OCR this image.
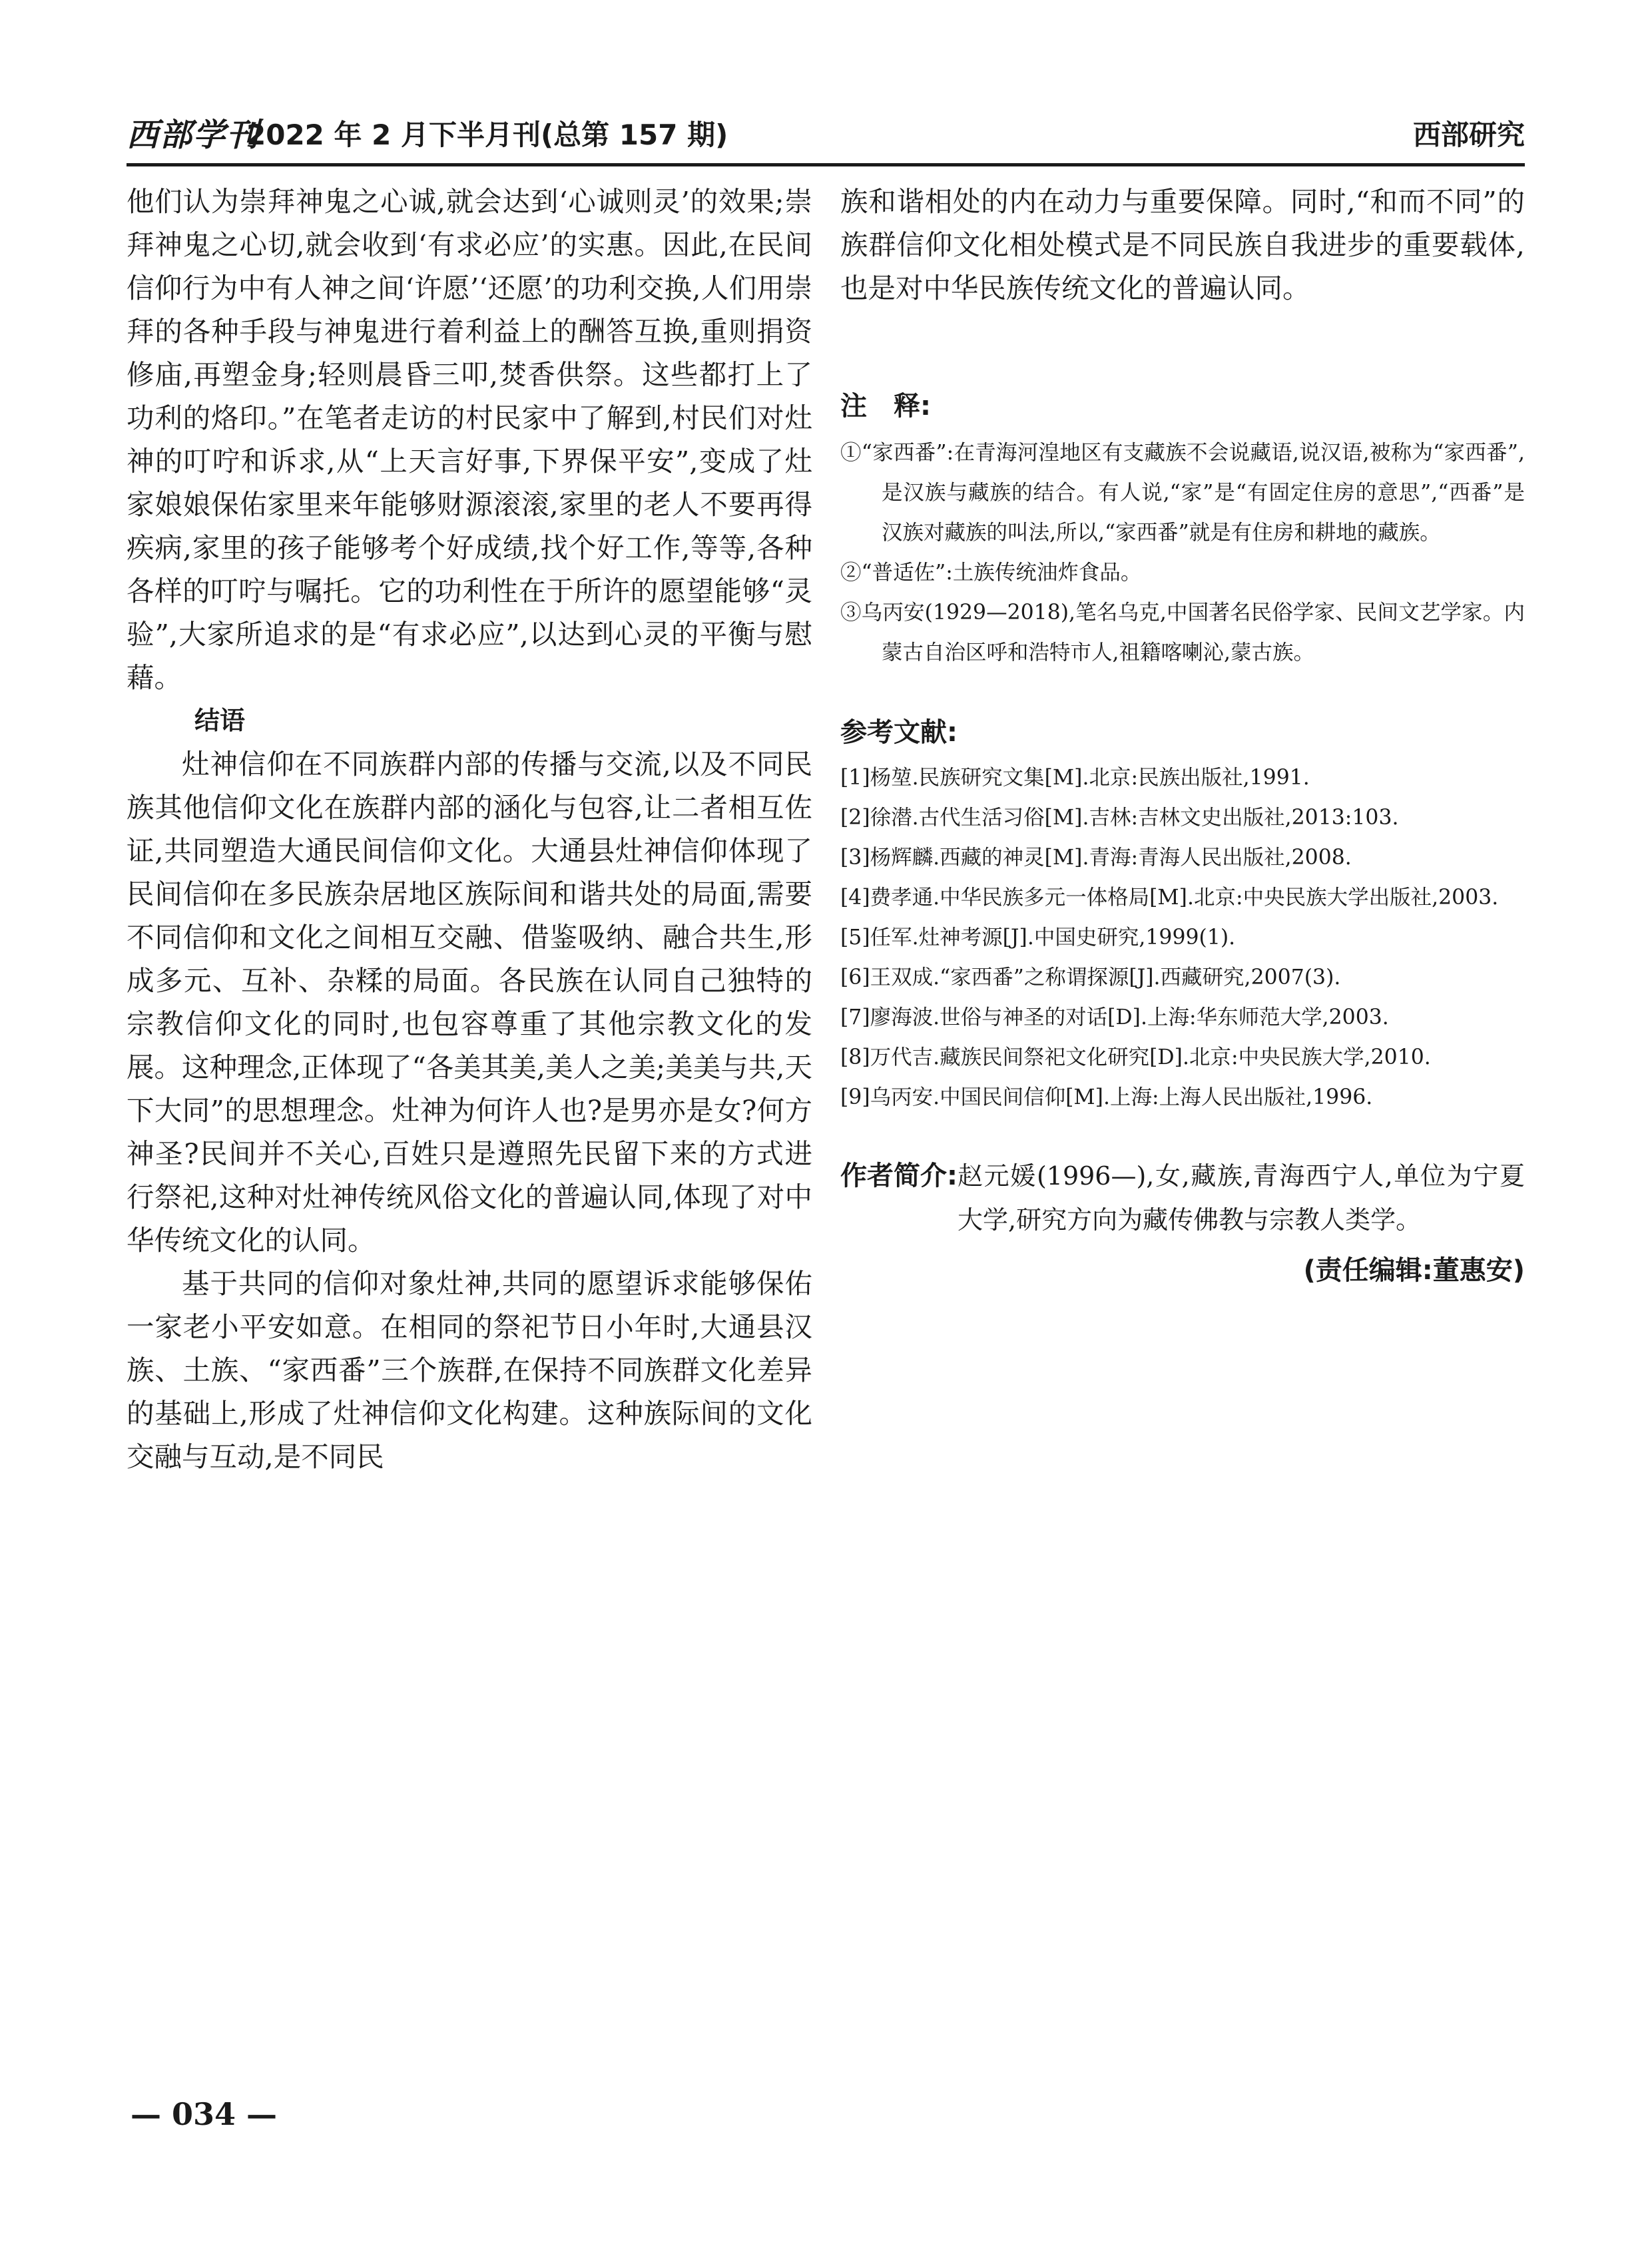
西部学刊
2022 年 2 月下半月刊(总第 157 期)	西部研究

他们认为崇拜神鬼之心诚,就会达到‘心诚则灵’的效果;崇拜神鬼之心切,就会收到‘有求必应’的实惠。因此,在民间信仰行为中有人神之间‘许愿’‘还愿’的功利交换,人们用崇拜的各种手段与神鬼进行着利益上的酬答互换,重则捐资修庙,再塑金身;轻则晨昏三叩,焚香供祭。这些都打上了功利的烙印。”在笔者走访的村民家中了解到,村民们对灶神的叮咛和诉求,从“上天言好事,下界保平安”,变成了灶家娘娘保佑家里来年能够财源滚滚,家里的老人不要再得疾病,家里的孩子能够考个好成绩,找个好工作,等等,各种各样的叮咛与嘱托。它的功利性在于所许的愿望能够“灵验”,大家所追求的是“有求必应”,以达到心灵的平衡与慰藉。

结语

灶神信仰在不同族群内部的传播与交流,以及不同民族其他信仰文化在族群内部的涵化与包容,让二者相互佐证,共同塑造大通民间信仰文化。大通县灶神信仰体现了民间信仰在多民族杂居地区族际间和谐共处的局面,需要不同信仰和文化之间相互交融、借鉴吸纳、融合共生,形成多元、互补、杂糅的局面。各民族在认同自己独特的宗教信仰文化的同时,也包容尊重了其他宗教文化的发展。这种理念,正体现了“各美其美,美人之美;美美与共,天下大同”的思想理念。灶神为何许人也?是男亦是女?何方神圣?民间并不关心,百姓只是遵照先民留下来的方式进行祭祀,这种对灶神传统风俗文化的普遍认同,体现了对中华传统文化的认同。

基于共同的信仰对象灶神,共同的愿望诉求能够保佑一家老小平安如意。在相同的祭祀节日小年时,大通县汉族、土族、“家西番”三个族群,在保持不同族群文化差异的基础上,形成了灶神信仰文化构建。这种族际间的文化交融与互动,是不同民

族和谐相处的内在动力与重要保障。同时,“和而不同”的族群信仰文化相处模式是不同民族自我进步的重要载体,也是对中华民族传统文化的普遍认同。

注 释:
①“家西番”:在青海河湟地区有支藏族不会说藏语,说汉语,被称为“家西番”,是汉族与藏族的结合。有人说,“家”是“有固定住房的意思”,“西番”是汉族对藏族的叫法,所以,“家西番”就是有住房和耕地的藏族。
②“普适佐”:土族传统油炸食品。
③乌丙安(1929—2018),笔名乌克,中国著名民俗学家、民间文艺学家。内蒙古自治区呼和浩特市人,祖籍喀喇沁,蒙古族。
参考文献:
[1]杨堃.民族研究文集[M].北京:民族出版社,1991.
[2]徐潜.古代生活习俗[M].吉林:吉林文史出版社,2013:103.
[3]杨辉麟.西藏的神灵[M].青海:青海人民出版社,2008.
[4]费孝通.中华民族多元一体格局[M].北京:中央民族大学出版社,2003.
[5]任军.灶神考源[J].中国史研究,1999(1).
[6]王双成.“家西番”之称谓探源[J].西藏研究,2007(3).
[7]廖海波.世俗与神圣的对话[D].上海:华东师范大学,2003.
[8]万代吉.藏族民间祭祀文化研究[D].北京:中央民族大学,2010.
[9]乌丙安.中国民间信仰[M].上海:上海人民出版社,1996.
作者简介: 赵元媛(1996—),女,藏族,青海西宁人,单位为宁夏大学,研究方向为藏传佛教与宗教人类学。
(责任编辑:董惠安)
— 034 —
